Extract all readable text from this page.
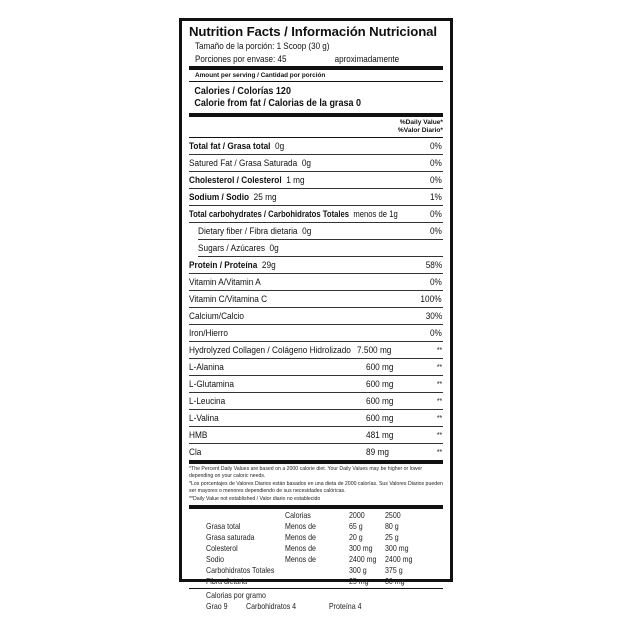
Nutrition Facts / Información Nutricional
Tamaño de la porción: 1 Scoop (30 g)
Porciones por envase: 45	aproximadamente
Amount per serving / Cantidad por porción
Calories / Colorías 120
Calorie from fat / Calorias de la grasa 0
%Daily Value*
%Valor Diario*
Total fat / Grasa total 0g	0%
Satured Fat / Grasa Saturada 0g	0%
Cholesterol / Colesterol 1 mg	0%
Sodium / Sodio 25 mg	1%
Total carbohydrates / Carbohidratos Totales menos de 1g	0%
Dietary fiber / Fibra dietaria 0g	0%
Sugars / Azúcares 0g
Protein / Proteína 29g	58%
Vitamin A/Vitamin A	0%
Vitamin C/Vitamina C	100%
Calcium/Calcio	30%
Iron/Hierro	0%
Hydrolyzed Collagen / Colágeno Hidrolizado 7.500 mg	**
L-Alanina	600 mg	**
L-Glutamina	600 mg	**
L-Leucina	600 mg	**
L-Valina	600 mg	**
HMB	481 mg	**
Cla	89 mg	**
*The Percent Daily Values are based on a 2000 calorie diet. Your Daily Values may be higher or lower depending on your caloric needs.
*Los porcentajes de Valores Diarios están basados en una dieta de 2000 calorías. Sus Valores Diarios pueden ser mayores o menores dependiendo de sus necesidades calóricas.
**Daily Value not established / Valor diario no establecido
Calorias	2000 2500
Grasa total	Menos de	65 g	80 g
Grasa saturada	Menos de	20 g	25 g
Colesterol	Menos de	300 mg 300 mg
Sodio	Menos de	2400 mg 2400 mg
Carbohidratos Totales	300 g 375 g
Fibra dietaria	25 mg 30 mg
Calorias por gramo
Grao 9 Carbohidratos 4	Proteína 4
